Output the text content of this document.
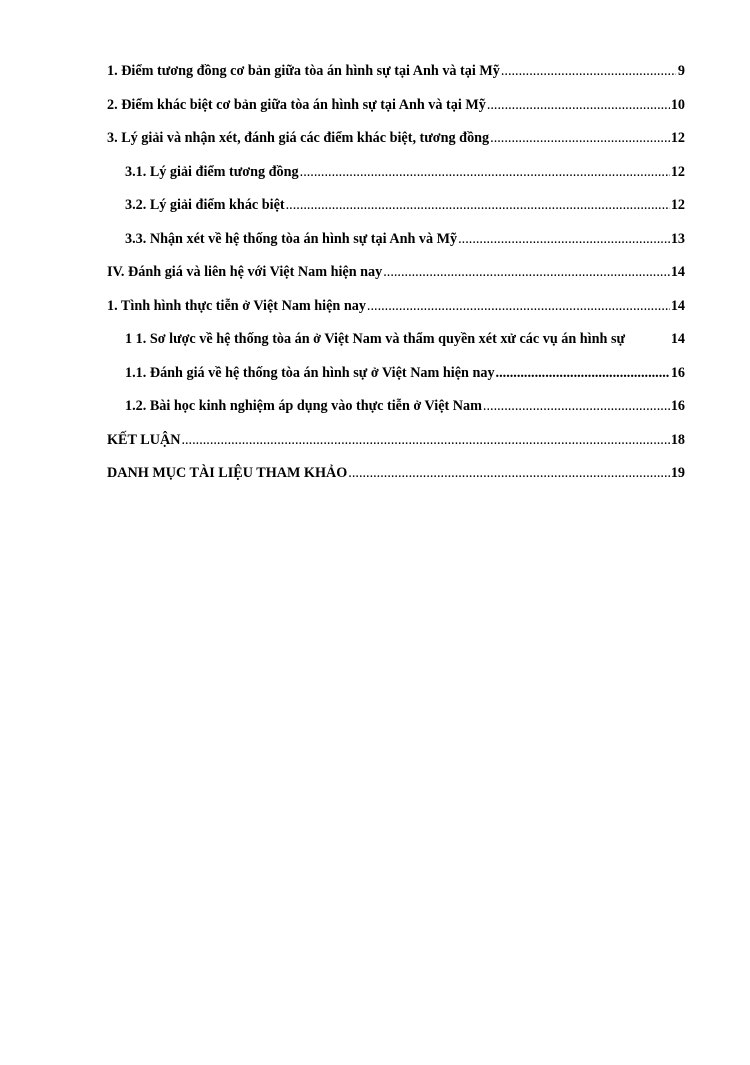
1. Điểm tương đồng cơ bản giữa tòa án hình sự tại Anh và tại Mỹ .....	9
2. Điểm khác biệt cơ bản giữa tòa án hình sự tại Anh và tại Mỹ .....	10
3. Lý giải và nhận xét, đánh giá các điểm khác biệt, tương đồng .....	12
3.1. Lý giải điểm tương đồng .....	12
3.2. Lý giải điểm khác biệt .....	12
3.3. Nhận xét về hệ thống tòa án hình sự tại Anh và Mỹ .....	13
IV. Đánh giá và liên hệ với Việt Nam hiện nay .....	14
1. Tình hình thực tiễn ở Việt Nam hiện nay .....	14
1 1. Sơ lược về hệ thống tòa án ở Việt Nam và thẩm quyền xét xử các vụ án hình sự	14
1.1. Đánh giá về hệ thống tòa án hình sự ở Việt Nam hiện nay .....	16
1.2. Bài học kinh nghiệm áp dụng vào thực tiễn ở Việt Nam .....	16
KẾT LUẬN .....	18
DANH MỤC TÀI LIỆU THAM KHẢO .....	19
